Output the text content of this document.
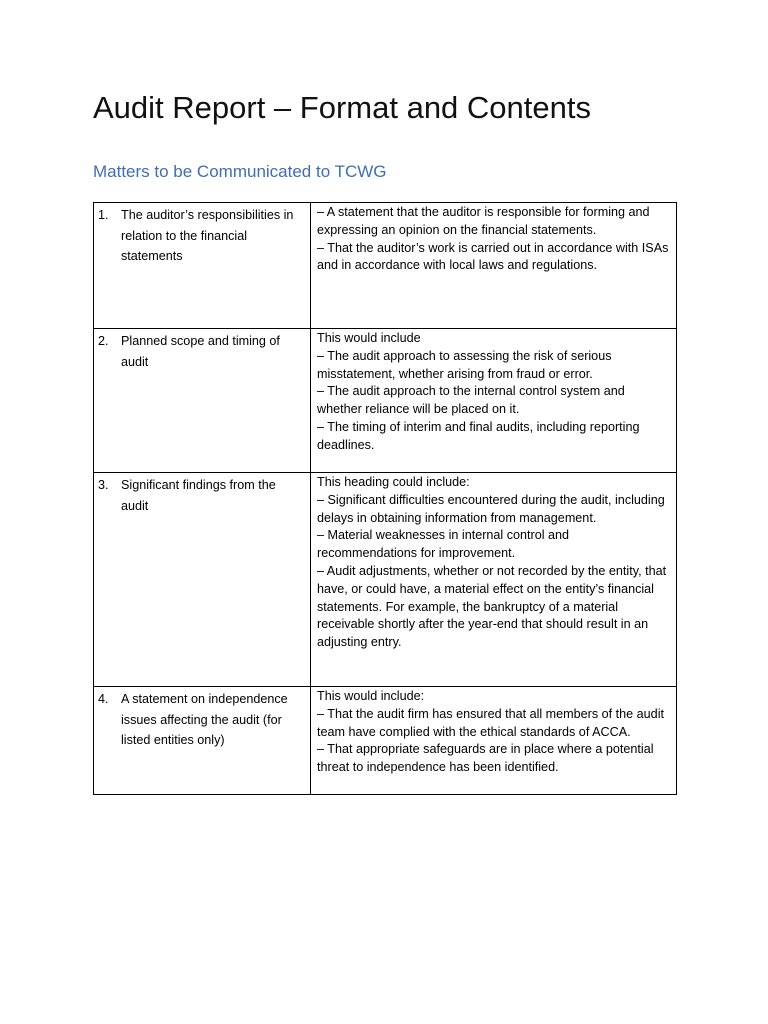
Audit Report – Format and Contents
Matters to be Communicated to TCWG
1. The auditor’s responsibilities in relation to the financial statements	– A statement that the auditor is responsible for forming and expressing an opinion on the financial statements.
– That the auditor’s work is carried out in accordance with ISAs and in accordance with local laws and regulations.

2. Planned scope and timing of audit	This would include
– The audit approach to assessing the risk of serious misstatement, whether arising from fraud or error.
– The audit approach to the internal control system and whether reliance will be placed on it.
– The timing of interim and final audits, including reporting deadlines.

3. Significant findings from the audit	This heading could include:
– Significant difficulties encountered during the audit, including delays in obtaining information from management.
– Material weaknesses in internal control and recommendations for improvement.
– Audit adjustments, whether or not recorded by the entity, that have, or could have, a material effect on the entity’s financial statements. For example, the bankruptcy of a material receivable shortly after the year-end that should result in an adjusting entry.

4. A statement on independence issues affecting the audit (for listed entities only)	This would include:
– That the audit firm has ensured that all members of the audit team have complied with the ethical standards of ACCA.
– That appropriate safeguards are in place where a potential threat to independence has been identified.
